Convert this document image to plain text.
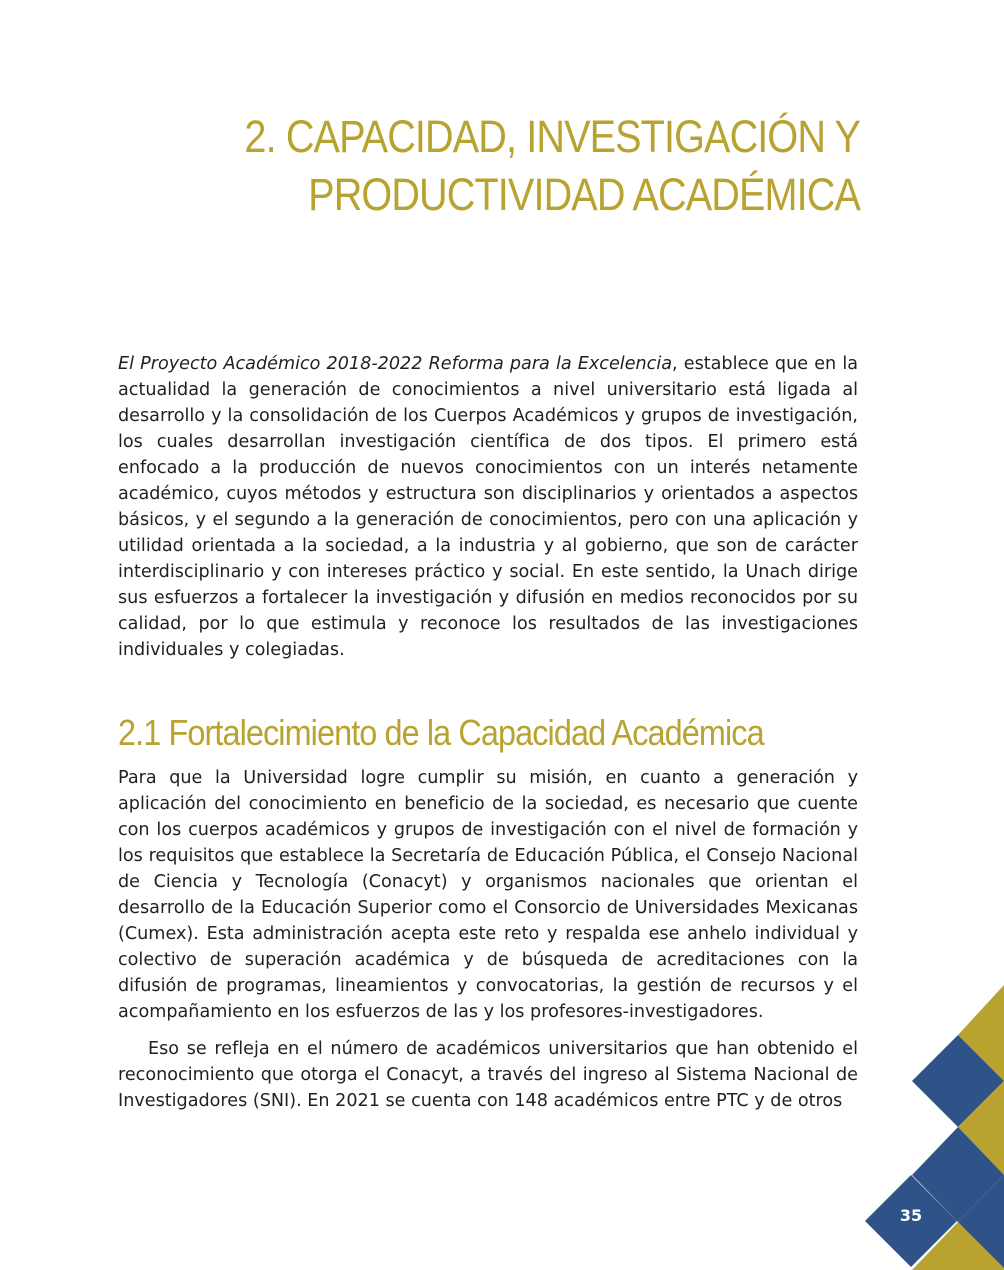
2. CAPACIDAD, INVESTIGACIÓN Y
PRODUCTIVIDAD ACADÉMICA

El Proyecto Académico 2018-2022 Reforma para la Excelencia, establece que en la actualidad la generación de conocimientos a nivel universitario está ligada al desarrollo y la consolidación de los Cuerpos Académicos y grupos de investigación, los cuales desarrollan investigación científica de dos tipos. El primero está enfocado a la producción de nuevos conocimientos con un interés netamente académico, cuyos métodos y estructura son disciplinarios y orientados a aspectos básicos, y el segundo a la generación de conocimientos, pero con una aplicación y utilidad orientada a la sociedad, a la industria y al gobierno, que son de carácter interdisciplinario y con intereses práctico y social. En este sentido, la Unach dirige sus esfuerzos a fortalecer la investigación y difusión en medios reconocidos por su calidad, por lo que estimula y reconoce los resultados de las investigaciones individuales y colegiadas.

2.1 Fortalecimiento de la Capacidad Académica

Para que la Universidad logre cumplir su misión, en cuanto a generación y aplicación del conocimiento en beneficio de la sociedad, es necesario que cuente con los cuerpos académicos y grupos de investigación con el nivel de formación y los requisitos que establece la Secretaría de Educación Pública, el Consejo Nacional de Ciencia y Tecnología (Conacyt) y organismos nacionales que orientan el desarrollo de la Educación Superior como el Consorcio de Universidades Mexicanas (Cumex). Esta administración acepta este reto y respalda ese anhelo individual y colectivo de superación académica y de búsqueda de acreditaciones con la difusión de programas, lineamientos y convocatorias, la gestión de recursos y el acompañamiento en los esfuerzos de las y los profesores-investigadores.

Eso se refleja en el número de académicos universitarios que han obtenido el reconocimiento que otorga el Conacyt, a través del ingreso al Sistema Nacional de Investigadores (SNI). En 2021 se cuenta con 148 académicos entre PTC y de otros

35
